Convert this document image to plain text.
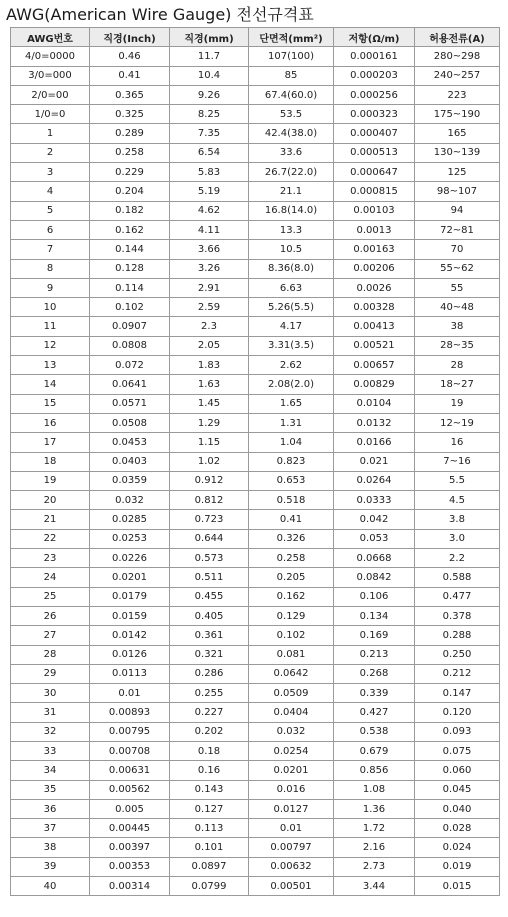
AWG(American Wire Gauge) 전선규격표
AWG번호	직경(Inch)	직경(mm)	단면적(mm²)	저항(Ω/m)	허용전류(A)
4/0=0000	0.46	11.7	107(100)	0.000161	280~298
3/0=000	0.41	10.4	85	0.000203	240~257
2/0=00	0.365	9.26	67.4(60.0)	0.000256	223
1/0=0	0.325	8.25	53.5	0.000323	175~190
1	0.289	7.35	42.4(38.0)	0.000407	165
2	0.258	6.54	33.6	0.000513	130~139
3	0.229	5.83	26.7(22.0)	0.000647	125
4	0.204	5.19	21.1	0.000815	98~107
5	0.182	4.62	16.8(14.0)	0.00103	94
6	0.162	4.11	13.3	0.0013	72~81
7	0.144	3.66	10.5	0.00163	70
8	0.128	3.26	8.36(8.0)	0.00206	55~62
9	0.114	2.91	6.63	0.0026	55
10	0.102	2.59	5.26(5.5)	0.00328	40~48
11	0.0907	2.3	4.17	0.00413	38
12	0.0808	2.05	3.31(3.5)	0.00521	28~35
13	0.072	1.83	2.62	0.00657	28
14	0.0641	1.63	2.08(2.0)	0.00829	18~27
15	0.0571	1.45	1.65	0.0104	19
16	0.0508	1.29	1.31	0.0132	12~19
17	0.0453	1.15	1.04	0.0166	16
18	0.0403	1.02	0.823	0.021	7~16
19	0.0359	0.912	0.653	0.0264	5.5
20	0.032	0.812	0.518	0.0333	4.5
21	0.0285	0.723	0.41	0.042	3.8
22	0.0253	0.644	0.326	0.053	3.0
23	0.0226	0.573	0.258	0.0668	2.2
24	0.0201	0.511	0.205	0.0842	0.588
25	0.0179	0.455	0.162	0.106	0.477
26	0.0159	0.405	0.129	0.134	0.378
27	0.0142	0.361	0.102	0.169	0.288
28	0.0126	0.321	0.081	0.213	0.250
29	0.0113	0.286	0.0642	0.268	0.212
30	0.01	0.255	0.0509	0.339	0.147
31	0.00893	0.227	0.0404	0.427	0.120
32	0.00795	0.202	0.032	0.538	0.093
33	0.00708	0.18	0.0254	0.679	0.075
34	0.00631	0.16	0.0201	0.856	0.060
35	0.00562	0.143	0.016	1.08	0.045
36	0.005	0.127	0.0127	1.36	0.040
37	0.00445	0.113	0.01	1.72	0.028
38	0.00397	0.101	0.00797	2.16	0.024
39	0.00353	0.0897	0.00632	2.73	0.019
40	0.00314	0.0799	0.00501	3.44	0.015
